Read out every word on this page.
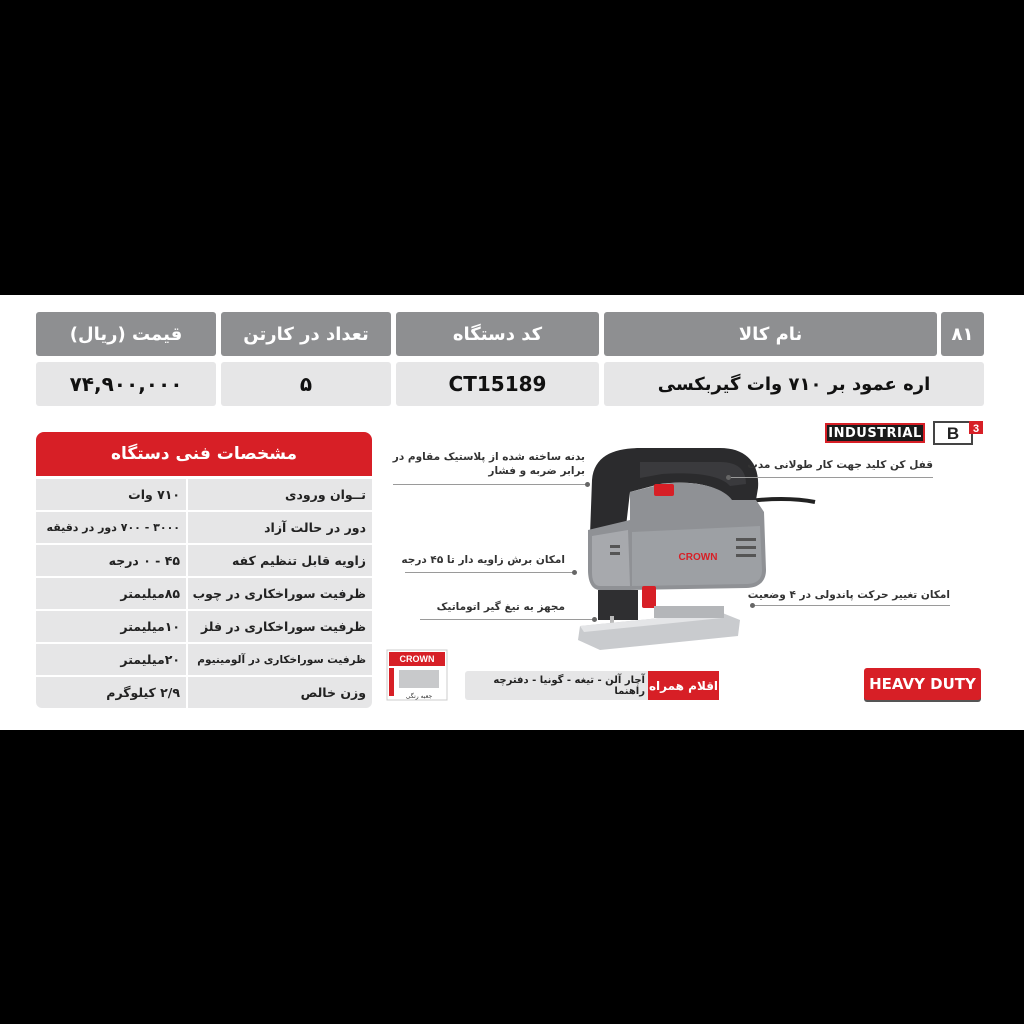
۸۱
نام کالا
کد دستگاه
تعداد در کارتن
قیمت (ریال)
اره عمود بر ۷۱۰ وات گیربکسی
CT15189
۵
۷۴,۹۰۰,۰۰۰
INDUSTRIAL B 3
HEAVY DUTY
مشخصات فنی دستگاه
تــوان ورودی
۷۱۰ وات
دور در حالت آزاد
۳۰۰۰ - ۷۰۰ دور در دقیقه
زاویه قابل تنظیم کفه
۴۵ - ۰ درجه
ظرفیت سوراخکاری در چوب
۸۵میلیمتر
ظرفیت سوراخکاری در فلز
۱۰میلیمتر
ظرفیت سوراخکاری در آلومینیوم
۲۰میلیمتر
وزن خالص
۲/۹ کیلوگرم
CROWN
بدنه ساخته شده از پلاستیک مقاوم در
برابر ضربه و فشار
قفل کن کلید جهت کار طولانی مدت
امکان برش زاویه دار تا ۴۵ درجه
امکان تغییر حرکت پاندولی در ۴ وضعیت
مجهز به تیغ گیر اتوماتیک
CROWN
جعبه رنگی
آچار آلن - تیغه - گونیا - دفترچه راهنما اقلام همراه
